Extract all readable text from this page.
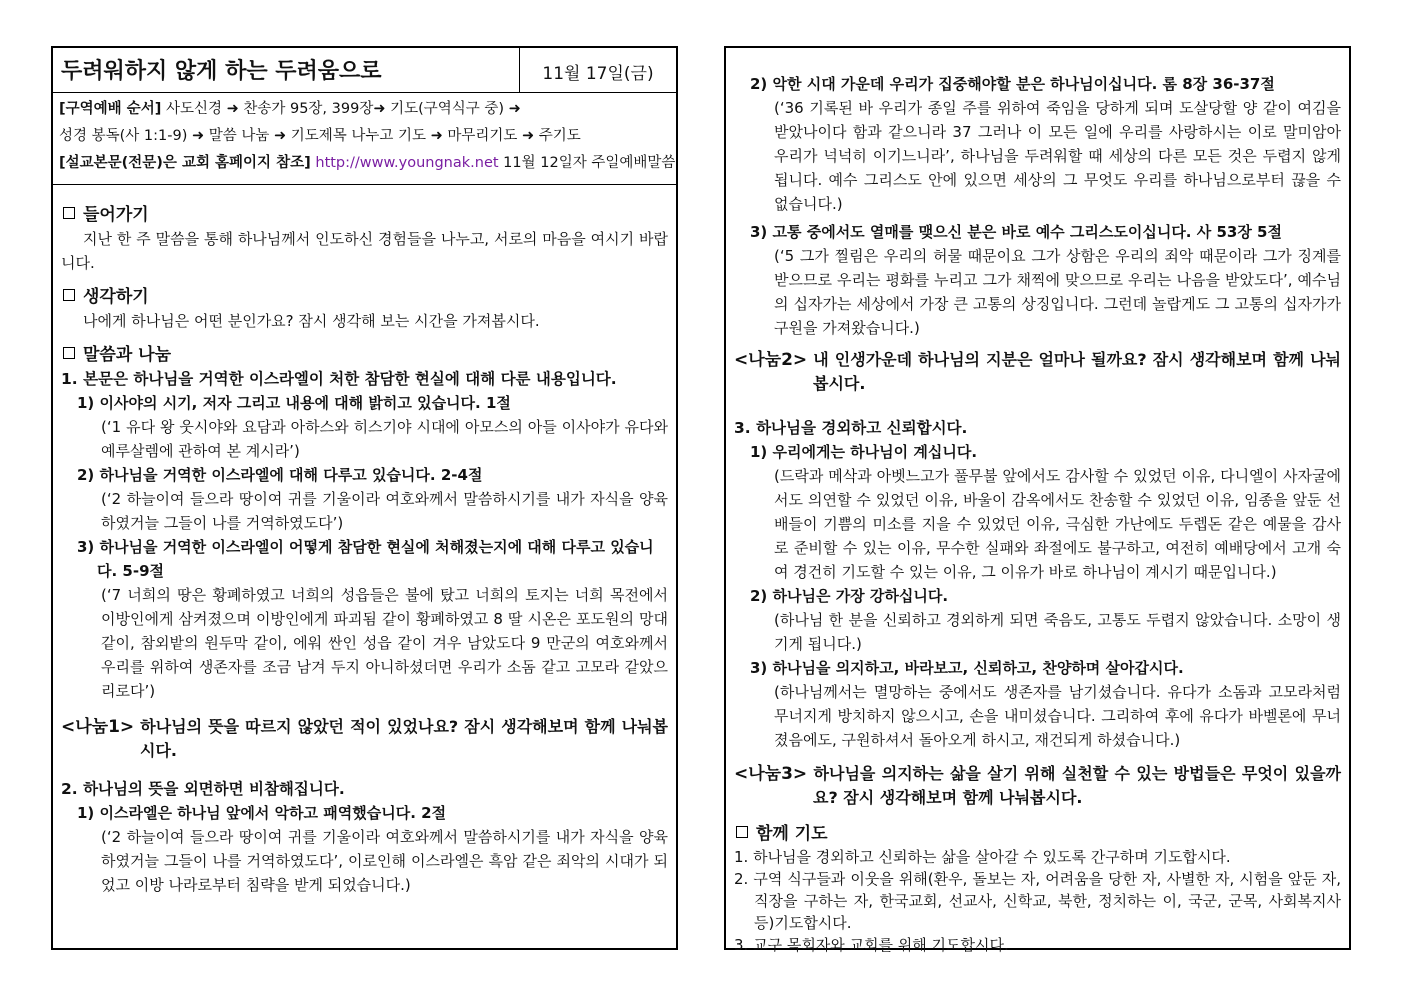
두려워하지 않게 하는 두려움으로	11월 17일(금)
[구역예배 순서] 사도신경 ➜ 찬송가 95장, 399장➜ 기도(구역식구 중) ➜
성경 봉독(사 1:1-9) ➜ 말씀 나눔 ➜ 기도제목 나누고 기도 ➜ 마무리기도 ➜ 주기도
[설교본문(전문)은 교회 홈페이지 참조] http://www.youngnak.net 11월 12일자 주일예배말씀
들어가기
지난 한 주 말씀을 통해 하나님께서 인도하신 경험들을 나누고, 서로의 마음을 여시기 바랍니다.
생각하기
나에게 하나님은 어떤 분인가요? 잠시 생각해 보는 시간을 가져봅시다.
말씀과 나눔
1. 본문은 하나님을 거역한 이스라엘이 처한 참담한 현실에 대해 다룬 내용입니다.
1) 이사야의 시기, 저자 그리고 내용에 대해 밝히고 있습니다. 1절
(‘1 유다 왕 웃시야와 요담과 아하스와 히스기야 시대에 아모스의 아들 이사야가 유다와 예루살렘에 관하여 본 계시라’)
2) 하나님을 거역한 이스라엘에 대해 다루고 있습니다. 2-4절
(‘2 하늘이여 들으라 땅이여 귀를 기울이라 여호와께서 말씀하시기를 내가 자식을 양육하였거늘 그들이 나를 거역하였도다’)
3) 하나님을 거역한 이스라엘이 어떻게 참담한 현실에 처해졌는지에 대해 다루고 있습니다. 5-9절
(‘7 너희의 땅은 황폐하였고 너희의 성읍들은 불에 탔고 너희의 토지는 너희 목전에서 이방인에게 삼켜졌으며 이방인에게 파괴됨 같이 황폐하였고 8 딸 시온은 포도원의 망대 같이, 참외밭의 원두막 같이, 에워 싼인 성읍 같이 겨우 남았도다 9 만군의 여호와께서 우리를 위하여 생존자를 조금 남겨 두지 아니하셨더면 우리가 소돔 같고 고모라 같았으리로다’)
<나눔1> 하나님의 뜻을 따르지 않았던 적이 있었나요? 잠시 생각해보며 함께 나눠봅시다.
2. 하나님의 뜻을 외면하면 비참해집니다.
1) 이스라엘은 하나님 앞에서 악하고 패역했습니다. 2절
(‘2 하늘이여 들으라 땅이여 귀를 기울이라 여호와께서 말씀하시기를 내가 자식을 양육하였거늘 그들이 나를 거역하였도다’, 이로인해 이스라엘은 흑암 같은 죄악의 시대가 되었고 이방 나라로부터 침략을 받게 되었습니다.)
2) 악한 시대 가운데 우리가 집중해야할 분은 하나님이십니다. 롬 8장 36-37절
(‘36 기록된 바 우리가 종일 주를 위하여 죽임을 당하게 되며 도살당할 양 같이 여김을 받았나이다 함과 같으니라 37 그러나 이 모든 일에 우리를 사랑하시는 이로 말미암아 우리가 넉넉히 이기느니라’, 하나님을 두려워할 때 세상의 다른 모든 것은 두렵지 않게 됩니다. 예수 그리스도 안에 있으면 세상의 그 무엇도 우리를 하나님으로부터 끊을 수 없습니다.)
3) 고통 중에서도 열매를 맺으신 분은 바로 예수 그리스도이십니다. 사 53장 5절
(‘5 그가 찔림은 우리의 허물 때문이요 그가 상함은 우리의 죄악 때문이라 그가 징계를 받으므로 우리는 평화를 누리고 그가 채찍에 맞으므로 우리는 나음을 받았도다’, 예수님의 십자가는 세상에서 가장 큰 고통의 상징입니다. 그런데 놀랍게도 그 고통의 십자가가 구원을 가져왔습니다.)
<나눔2> 내 인생가운데 하나님의 지분은 얼마나 될까요? 잠시 생각해보며 함께 나눠봅시다.
3. 하나님을 경외하고 신뢰합시다.
1) 우리에게는 하나님이 계십니다.
(드락과 메삭과 아벳느고가 풀무불 앞에서도 감사할 수 있었던 이유, 다니엘이 사자굴에서도 의연할 수 있었던 이유, 바울이 감옥에서도 찬송할 수 있었던 이유, 임종을 앞둔 선배들이 기쁨의 미소를 지을 수 있었던 이유, 극심한 가난에도 두렙돈 같은 예물을 감사로 준비할 수 있는 이유, 무수한 실패와 좌절에도 불구하고, 여전히 예배당에서 고개 숙여 경건히 기도할 수 있는 이유, 그 이유가 바로 하나님이 계시기 때문입니다.)
2) 하나님은 가장 강하십니다.
(하나님 한 분을 신뢰하고 경외하게 되면 죽음도, 고통도 두렵지 않았습니다. 소망이 생기게 됩니다.)
3) 하나님을 의지하고, 바라보고, 신뢰하고, 찬양하며 살아갑시다.
(하나님께서는 멸망하는 중에서도 생존자를 남기셨습니다. 유다가 소돔과 고모라처럼 무너지게 방치하지 않으시고, 손을 내미셨습니다. 그리하여 후에 유다가 바벨론에 무너졌음에도, 구원하셔서 돌아오게 하시고, 재건되게 하셨습니다.)
<나눔3> 하나님을 의지하는 삶을 살기 위해 실천할 수 있는 방법들은 무엇이 있을까요? 잠시 생각해보며 함께 나눠봅시다.
함께 기도
1. 하나님을 경외하고 신뢰하는 삶을 살아갈 수 있도록 간구하며 기도합시다.
2. 구역 식구들과 이웃을 위해(환우, 돌보는 자, 어려움을 당한 자, 사별한 자, 시험을 앞둔 자, 직장을 구하는 자, 한국교회, 선교사, 신학교, 북한, 정치하는 이, 국군, 군목, 사회복지사 등)기도합시다.
3. 교구 목회자와 교회를 위해 기도합시다.
